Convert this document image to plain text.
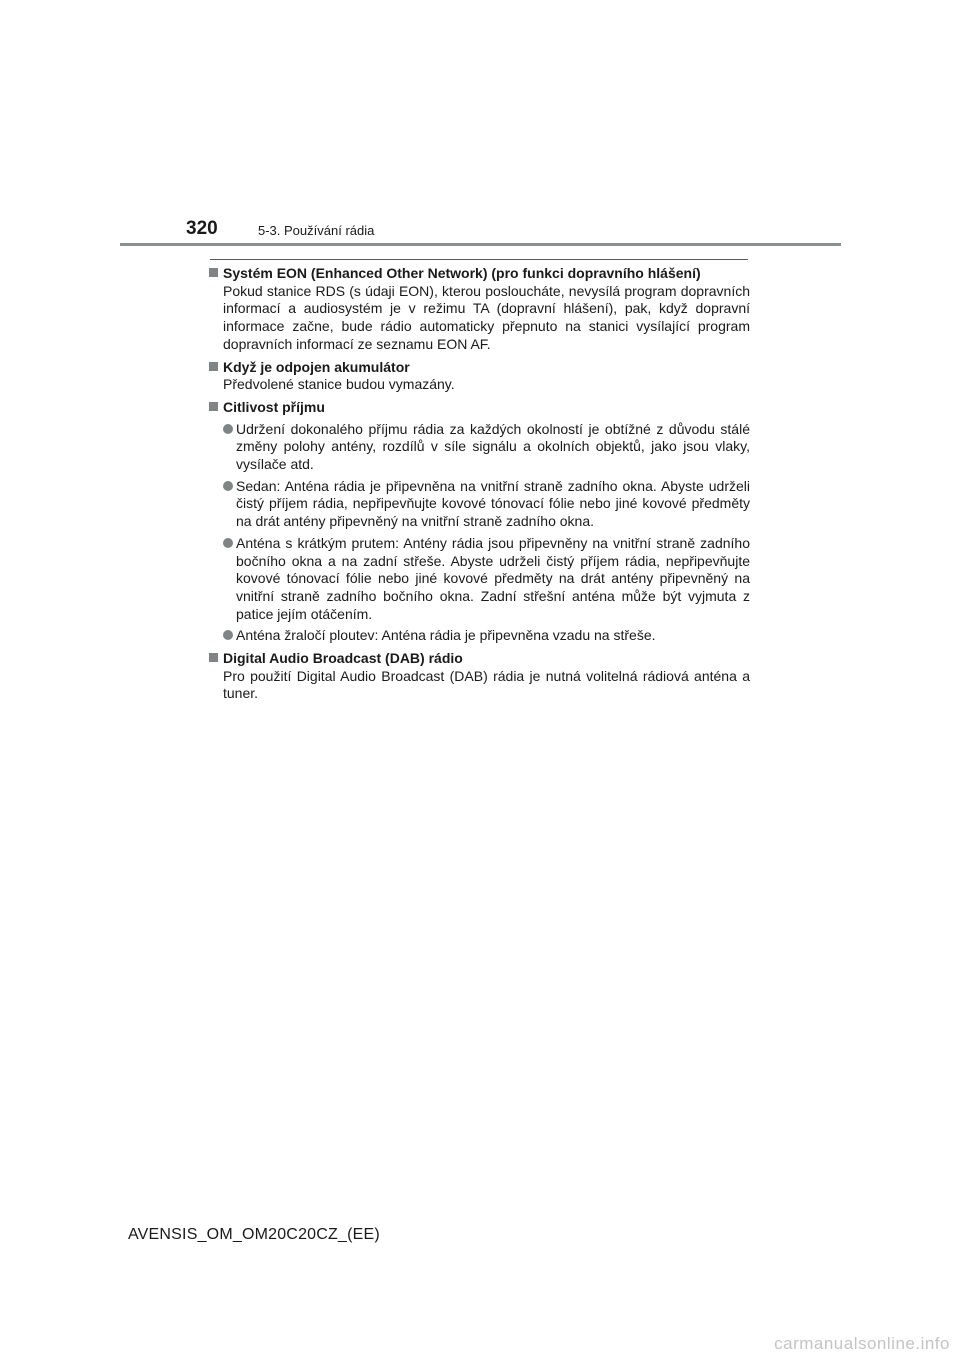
320	5-3. Používání rádia
Systém EON (Enhanced Other Network) (pro funkci dopravního hlášení)
Pokud stanice RDS (s údaji EON), kterou posloucháte, nevysílá program dopravních informací a audiosystém je v režimu TA (dopravní hlášení), pak, když dopravní informace začne, bude rádio automaticky přepnuto na stanici vysílající program dopravních informací ze seznamu EON AF.
Když je odpojen akumulátor
Předvolené stanice budou vymazány.
Citlivost příjmu
Udržení dokonalého příjmu rádia za každých okolností je obtížné z důvodu stálé změny polohy antény, rozdílů v síle signálu a okolních objektů, jako jsou vlaky, vysílače atd.
Sedan: Anténa rádia je připevněna na vnitřní straně zadního okna. Abyste udrželi čistý příjem rádia, nepřipevňujte kovové tónovací fólie nebo jiné kovové předměty na drát antény připevněný na vnitřní straně zadního okna.
Anténa s krátkým prutem: Antény rádia jsou připevněny na vnitřní straně zadního bočního okna a na zadní střeše. Abyste udrželi čistý příjem rádia, nepřipevňujte kovové tónovací fólie nebo jiné kovové předměty na drát antény připevněný na vnitřní straně zadního bočního okna. Zadní střešní anténa může být vyjmuta z patice jejím otáčením.
Anténa žraločí ploutev: Anténa rádia je připevněna vzadu na střeše.
Digital Audio Broadcast (DAB) rádio
Pro použití Digital Audio Broadcast (DAB) rádia je nutná volitelná rádiová anténa a tuner.
AVENSIS_OM_OM20C20CZ_(EE)
carmanualsonline.info
